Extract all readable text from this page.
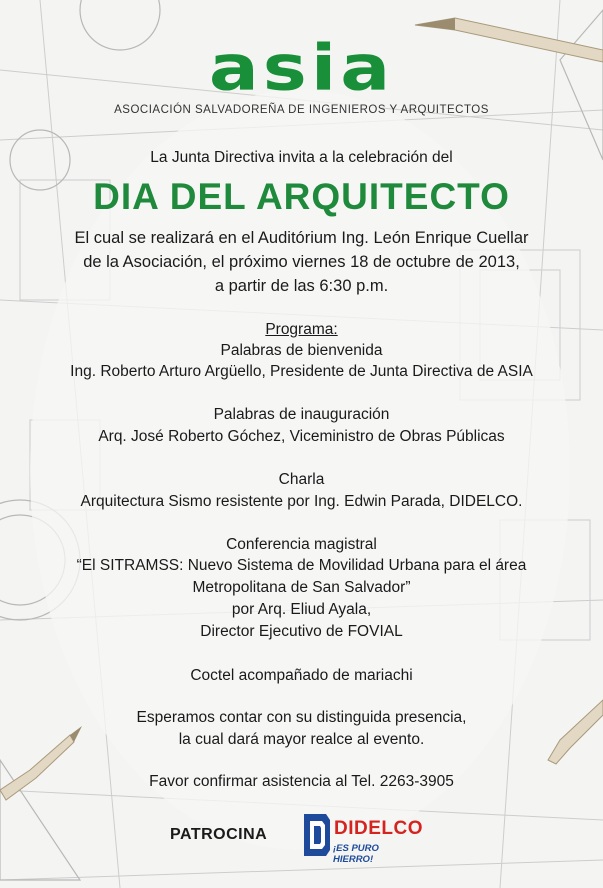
asia
ASOCIACIÓN SALVADOREÑA DE INGENIEROS Y ARQUITECTOS
La Junta Directiva invita a la celebración del
DIA DEL ARQUITECTO
El cual se realizará en el Auditórium Ing. León Enrique Cuellar
de la Asociación, el próximo viernes 18 de octubre de 2013,
a partir de las 6:30 p.m.
Programa:
Palabras de bienvenida
Ing. Roberto Arturo Argüello, Presidente de Junta Directiva de ASIA
Palabras de inauguración
Arq. José Roberto Góchez, Viceministro de Obras Públicas
Charla
Arquitectura Sismo resistente por Ing. Edwin Parada, DIDELCO.
Conferencia magistral
“El SITRAMSS: Nuevo Sistema de Movilidad Urbana para el área
Metropolitana de San Salvador”
por Arq. Eliud Ayala,
Director Ejecutivo de FOVIAL
Coctel acompañado de mariachi
Esperamos contar con su distinguida presencia,
la cual dará mayor realce al evento.
Favor confirmar asistencia al Tel. 2263-3905
PATROCINA	DIDELCO
¡ES PURO HIERRO!
